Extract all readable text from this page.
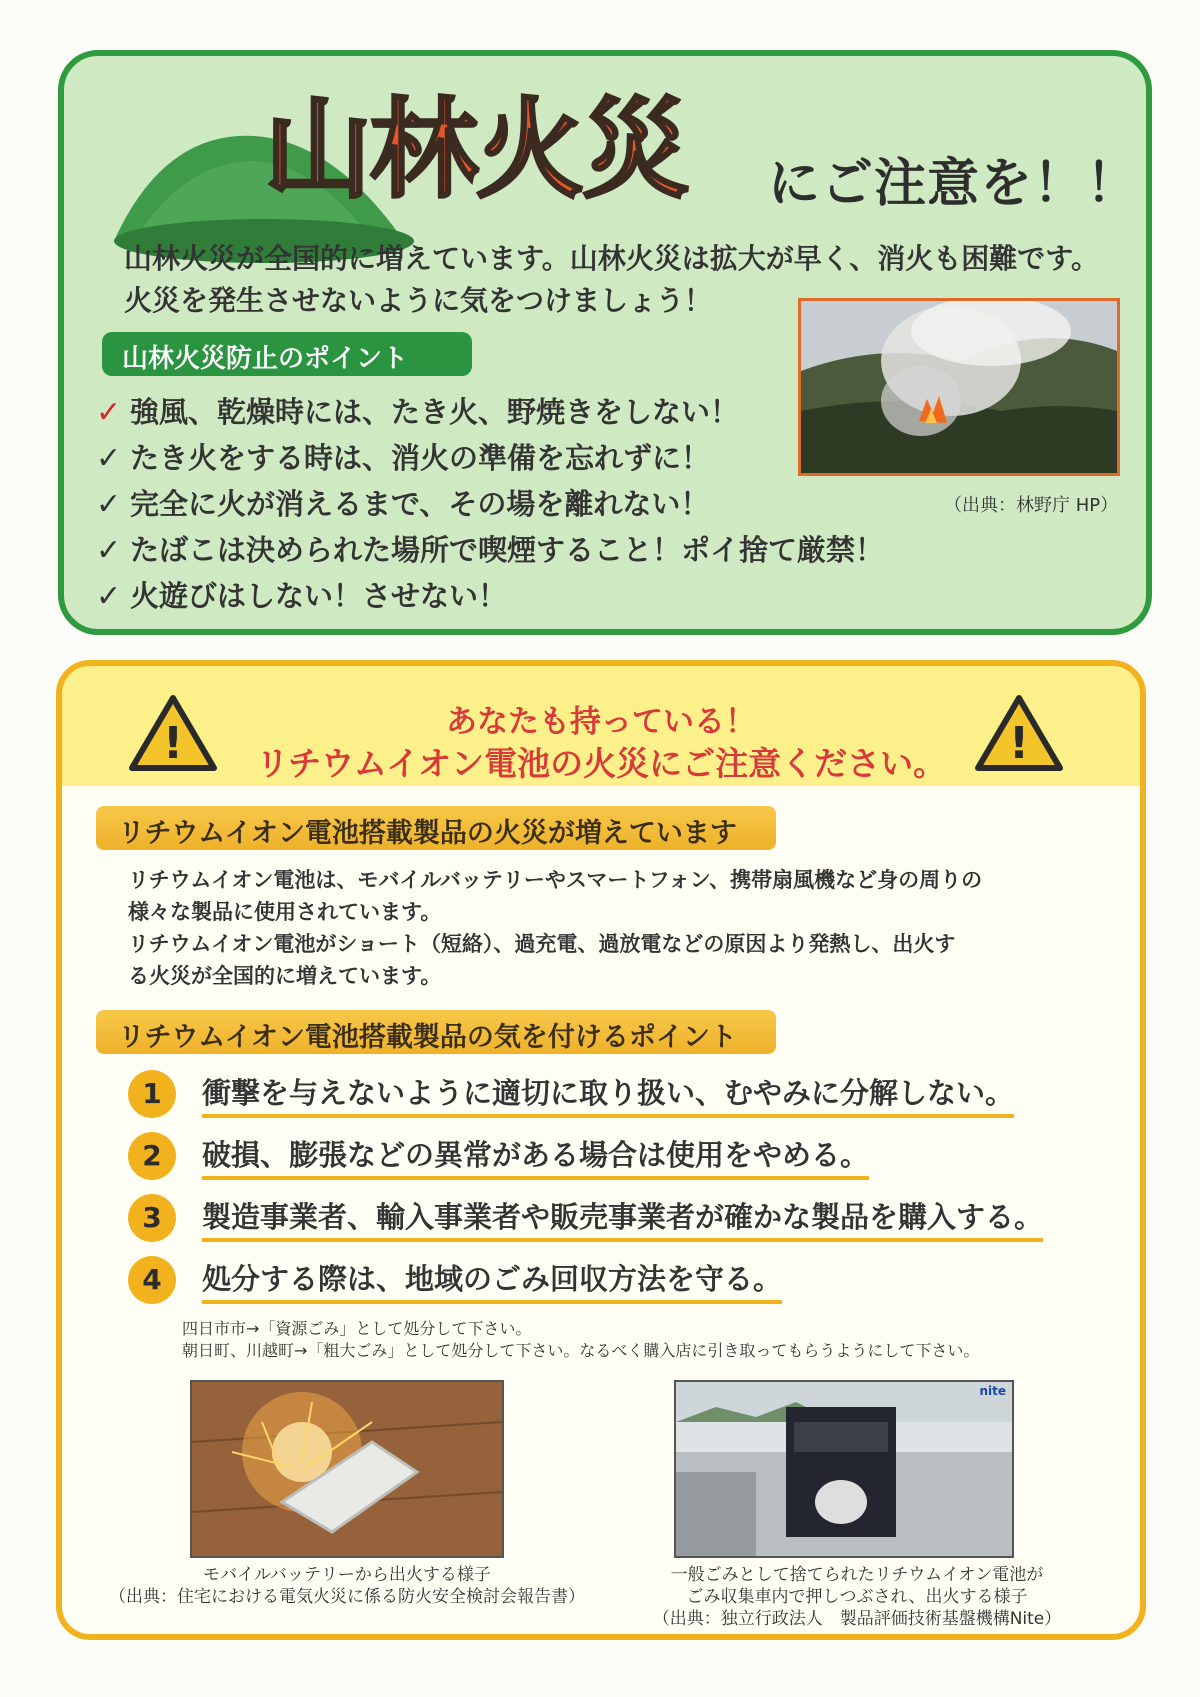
山林火災 にご注意を！！
山林火災が全国的に増えています。山林火災は拡大が早く、消火も困難です。
火災を発生させないように気をつけましょう！
山林火災防止のポイント
✓ 強風、乾燥時には、たき火、野焼きをしない！
✓ たき火をする時は、消火の準備を忘れずに！
✓ 完全に火が消えるまで、その場を離れない！
✓ たばこは決められた場所で喫煙すること！ポイ捨て厳禁！
✓ 火遊びはしない！させない！
（出典：林野庁 HP）
!	!
あなたも持っている！
リチウムイオン電池の火災にご注意ください。
リチウムイオン電池搭載製品の火災が増えています
リチウムイオン電池は、モバイルバッテリーやスマートフォン、携帯扇風機など身の周りの
様々な製品に使用されています。
リチウムイオン電池がショート（短絡）、過充電、過放電などの原因より発熱し、出火す
る火災が全国的に増えています。
リチウムイオン電池搭載製品の気を付けるポイント
1 衝撃を与えないように適切に取り扱い、むやみに分解しない。
2 破損、膨張などの異常がある場合は使用をやめる。
3 製造事業者、輸入事業者や販売事業者が確かな製品を購入する。
4 処分する際は、地域のごみ回収方法を守る。
四日市市→「資源ごみ」として処分して下さい。
朝日町、川越町→「粗大ごみ」として処分して下さい。なるべく購入店に引き取ってもらうようにして下さい。
nite
モバイルバッテリーから出火する様子
（出典：住宅における電気火災に係る防火安全検討会報告書）
一般ごみとして捨てられたリチウムイオン電池が
ごみ収集車内で押しつぶされ、出火する様子
（出典：独立行政法人　製品評価技術基盤機構Nite）
